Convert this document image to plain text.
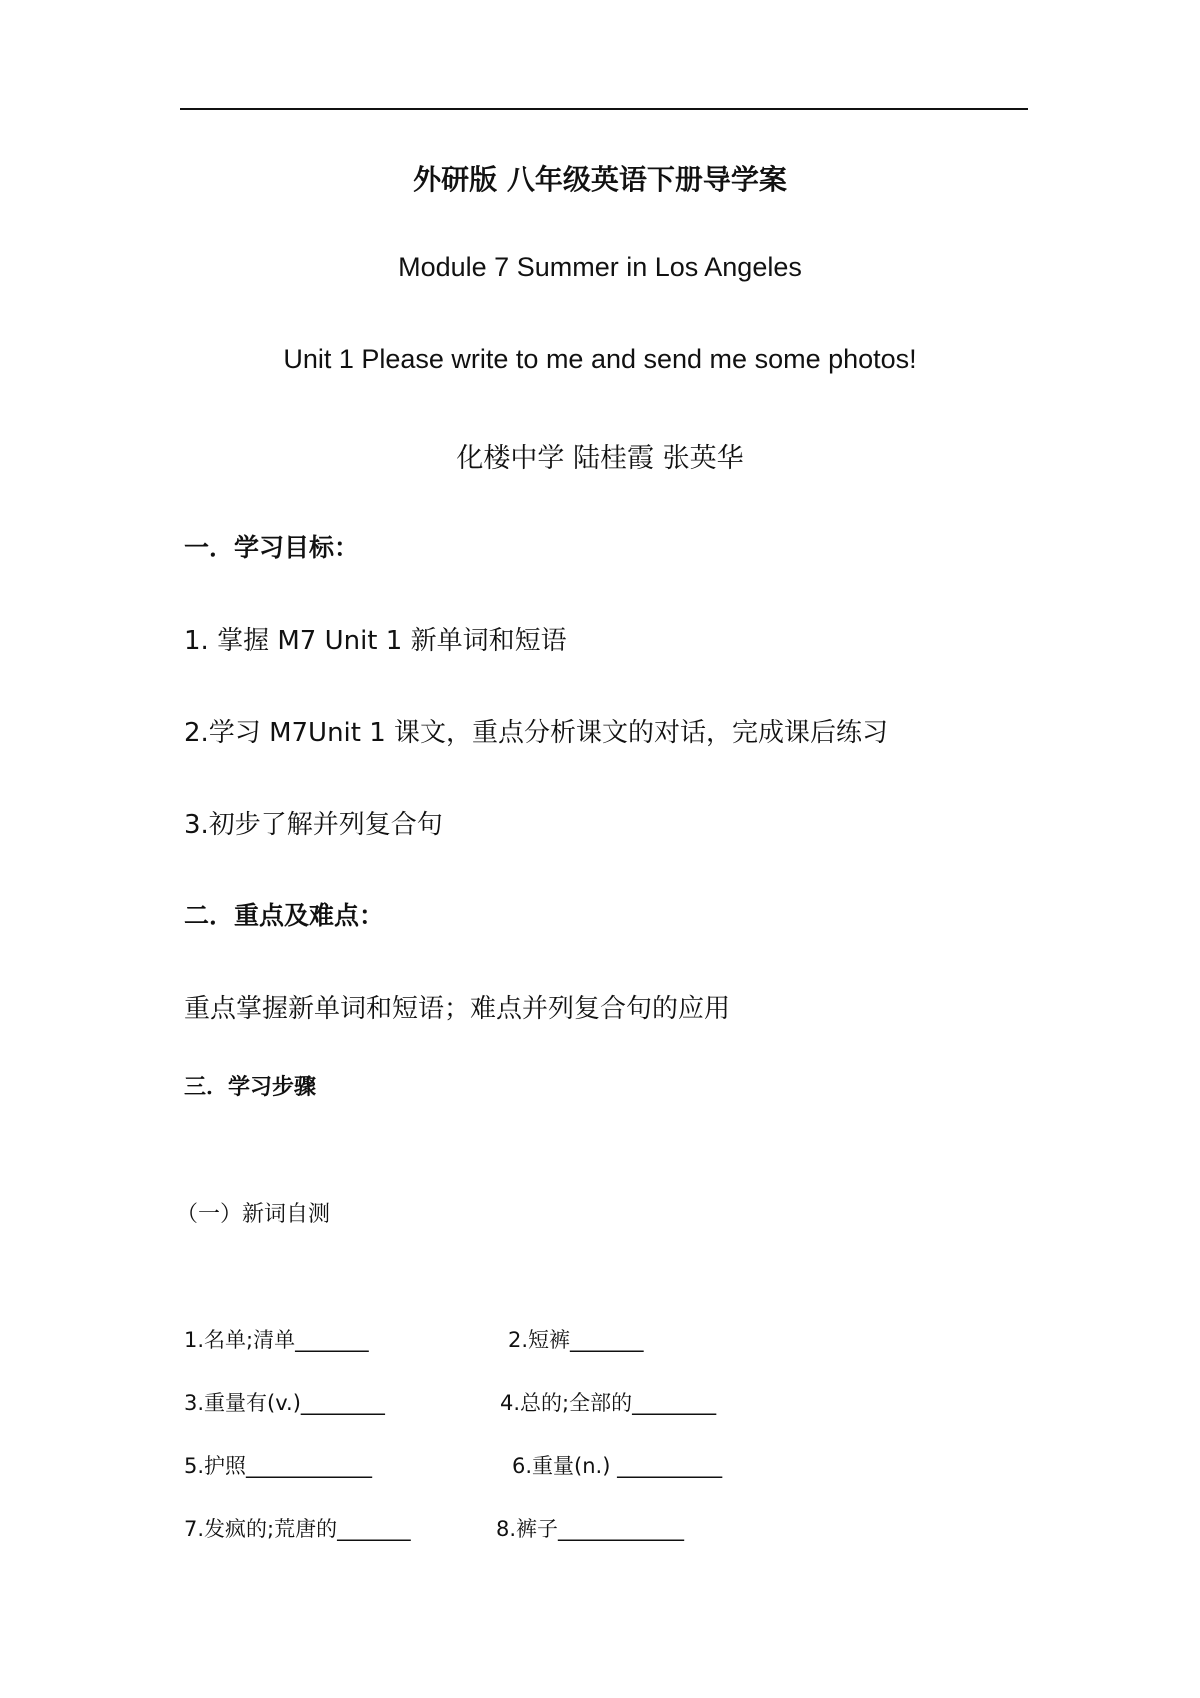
外研版 八年级英语下册导学案
Module 7 Summer in Los Angeles
Unit 1 Please write to me and send me some photos!
化楼中学 陆桂霞 张英华
一．学习目标：
1. 掌握 M7 Unit 1 新单词和短语
2.学习 M7Unit 1 课文，重点分析课文的对话，完成课后练习
3.初步了解并列复合句
二．重点及难点：
重点掌握新单词和短语；难点并列复合句的应用
三．学习步骤
（一）新词自测
1.名单;清单_______	2.短裤_______
3.重量有(v.)________	4.总的;全部的________
5.护照____________	6.重量(n.) __________
7.发疯的;荒唐的_______	8.裤子____________
